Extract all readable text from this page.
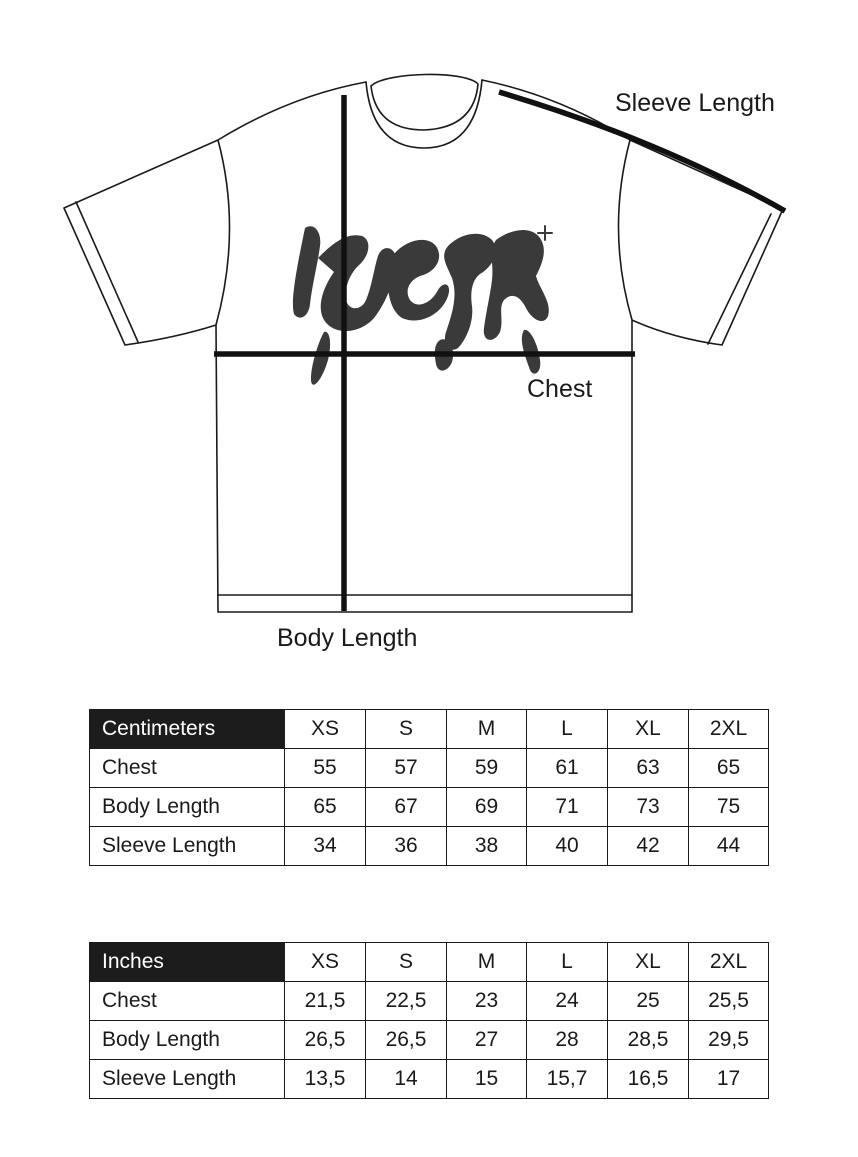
Sleeve Length
Chest
Body Length
Centimeters	XS	S	M	L	XL	2XL
Chest	55	57	59	61	63	65
Body Length	65	67	69	71	73	75
Sleeve Length	34	36	38	40	42	44
Inches	XS	S	M	L	XL	2XL
Chest	21,5	22,5	23	24	25	25,5
Body Length	26,5	26,5	27	28	28,5	29,5
Sleeve Length	13,5	14	15	15,7	16,5	17
